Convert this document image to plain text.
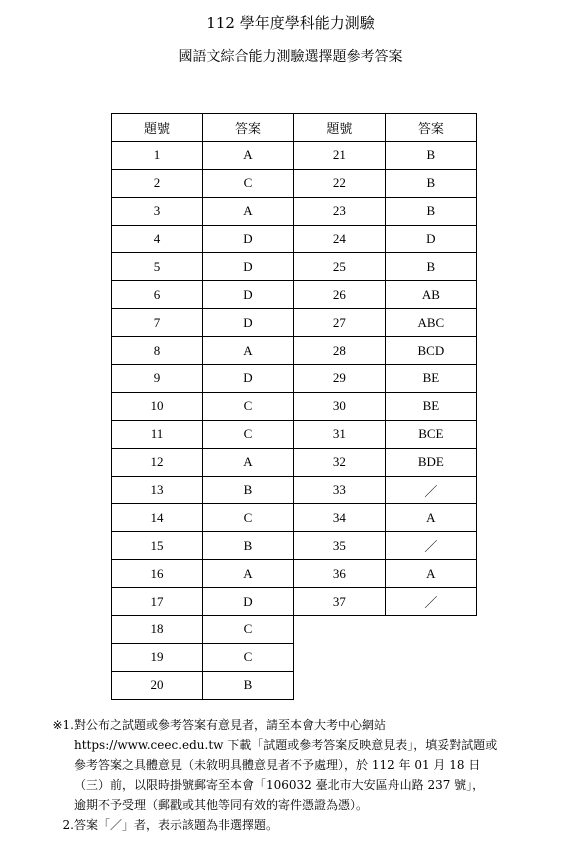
112 學年度學科能力測驗
國語文綜合能力測驗選擇題參考答案
題號	答案
1	A
2	C
3	A
4	D
5	D
6	D
7	D
8	A
9	D
10	C
11	C
12	A
13	B
14	C
15	B
16	A
17	D
18	C
19	C
20	B
題號	答案
21	B
22	B
23	B
24	D
25	B
26	AB
27	ABC
28	BCD
29	BE
30	BE
31	BCE
32	BDE
33	／
34	A
35	／
36	A
37	／
※1. 對公布之試題或參考答案有意見者，請至本會大考中心網站
https://www.ceec.edu.tw 下載「試題或參考答案反映意見表」，填妥對試題或
參考答案之具體意見（未敘明具體意見者不予處理），於 112 年 01 月 18 日
（三）前，以限時掛號郵寄至本會「106032 臺北市大安區舟山路 237 號」，
逾期不予受理（郵戳或其他等同有效的寄件憑證為憑）。
2. 答案「／」者，表示該題為非選擇題。
